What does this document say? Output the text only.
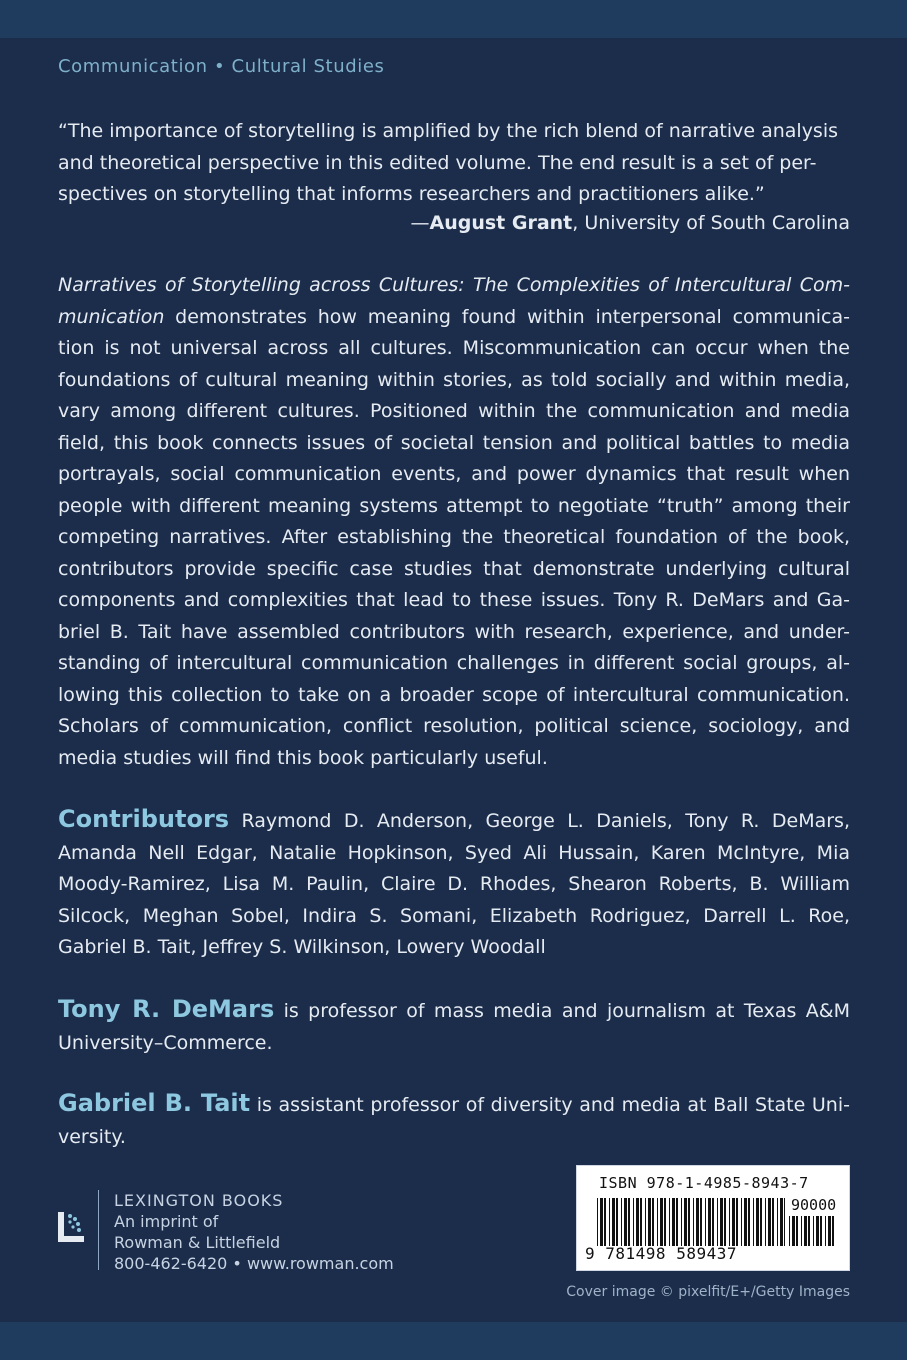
Communication • Cultural Studies

“The importance of storytelling is amplified by the rich blend of narrative analysis and theoretical perspective in this edited volume. The end result is a set of per-spectives on storytelling that informs researchers and practitioners alike.”

—August Grant, University of South Carolina

Narratives of Storytelling across Cultures: The Complexities of Intercultural Com-munication demonstrates how meaning found within interpersonal communica-tion is not universal across all cultures. Miscommunication can occur when the foundations of cultural meaning within stories, as told socially and within media, vary among different cultures. Positioned within the communication and media field, this book connects issues of societal tension and political battles to media portrayals, social communication events, and power dynamics that result when people with different meaning systems attempt to negotiate “truth” among their competing narratives. After establishing the theoretical foundation of the book, contributors provide specific case studies that demonstrate underlying cultural components and complexities that lead to these issues. Tony R. DeMars and Ga-briel B. Tait have assembled contributors with research, experience, and under-standing of intercultural communication challenges in different social groups, al-lowing this collection to take on a broader scope of intercultural communication. Scholars of communication, conflict resolution, political science, sociology, and media studies will find this book particularly useful.

Contributors Raymond D. Anderson, George L. Daniels, Tony R. DeMars, Amanda Nell Edgar, Natalie Hopkinson, Syed Ali Hussain, Karen McIntyre, Mia Moody-Ramirez, Lisa M. Paulin, Claire D. Rhodes, Shearon Roberts, B. William Silcock, Meghan Sobel, Indira S. Somani, Elizabeth Rodriguez, Darrell L. Roe, Gabriel B. Tait, Jeffrey S. Wilkinson, Lowery Woodall

Tony R. DeMars is professor of mass media and journalism at Texas A&M University–Commerce.

Gabriel B. Tait is assistant professor of diversity and media at Ball State Uni-versity.

LEXINGTON BOOKS
An imprint of
Rowman & Littlefield
800-462-6420 • www.rowman.com
ISBN 978-1-4985-8943-7
90000
9 781498 589437
Cover image © pixelfit/E+/Getty Images
